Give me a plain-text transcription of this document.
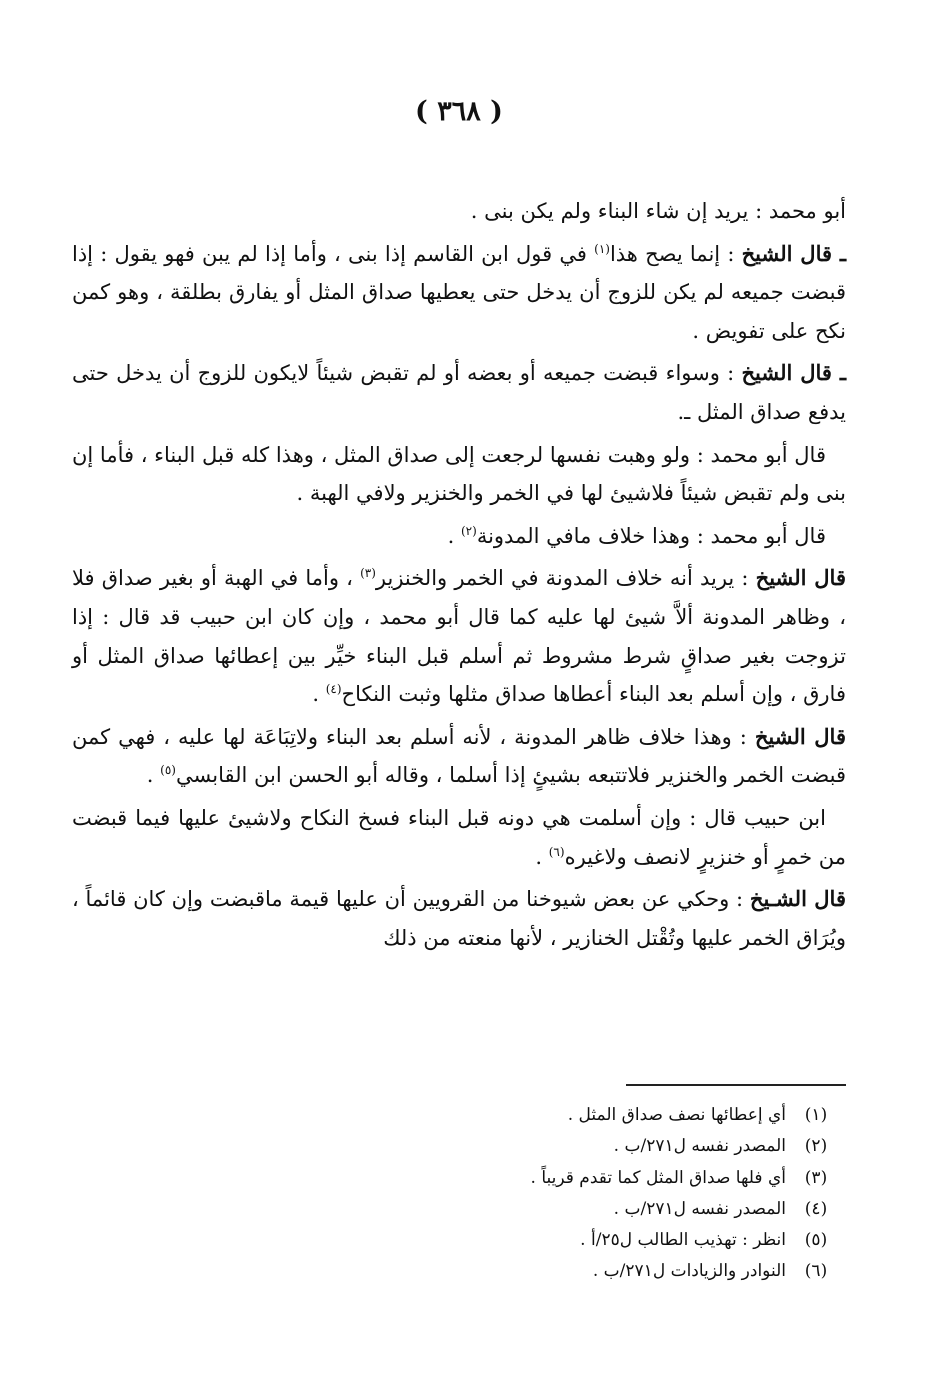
( ٣٦٨ )

أبو محمد : يريد إن شاء البناء ولم يكن بنى .

ـ قال الشيخ : إنما يصح هذا$^{(١)}$ في قول ابن القاسم إذا بنى ، وأما إذا لم يبن فهو يقول : إذا قبضت جميعه لم يكن للزوج أن يدخل حتى يعطيها صداق المثل أو يفارق بطلقة ، وهو كمن نكح على تفويض .

ـ قال الشيخ : وسواء قبضت جميعه أو بعضه أو لم تقبض شيئاً لايكون للزوج أن يدخل حتى يدفع صداق المثل ـ.

قال أبو محمد : ولو وهبت نفسها لرجعت إلى صداق المثل ، وهذا كله قبل البناء ، فأما إن بنى ولم تقبض شيئاً فلاشيئ لها في الخمر والخنزير ولافي الهبة .

قال أبو محمد : وهذا خلاف مافي المدونة$^{(٢)}$ .

قال الشيخ : يريد أنه خلاف المدونة في الخمر والخنزير$^{(٣)}$ ، وأما في الهبة أو بغير صداق فلا ، وظاهر المدونة ألاَّ شيئ لها عليه كما قال أبو محمد ، وإن كان ابن حبيب قد قال : إذا تزوجت بغير صداقٍ شرط مشروط ثم أسلم قبل البناء خيِّر بين إعطائها صداق المثل أو فارق ، وإن أسلم بعد البناء أعطاها صداق مثلها وثبت النكاح$^{(٤)}$ .

قال الشيخ : وهذا خلاف ظاهر المدونة ، لأنه أسلم بعد البناء ولاتِبَاعَة لها عليه ، فهي كمن قبضت الخمر والخنزير فلاتتبعه بشيئٍ إذا أسلما ، وقاله أبو الحسن ابن القابسي$^{(٥)}$ .

ابن حبيب قال : وإن أسلمت هي دونه قبل البناء فسخ النكاح ولاشيئ عليها فيما قبضت من خمرٍ أو خنزيرٍ لانصف ولاغيره$^{(٦)}$ .

قال الشـيخ : وحكي عن بعض شيوخنا من القرويين أن عليها قيمة ماقبضت وإن كان قائماً ، ويُرَاق الخمر عليها وتُقْتل الخنازير ، لأنها منعته من ذلك

(١)
أي إعطائها نصف صداق المثل .
(٢)
المصدر نفسه ل٢٧١/ب .
(٣)
أي فلها صداق المثل كما تقدم قريباً .
(٤)
المصدر نفسه ل٢٧١/ب .
(٥)
انظر : تهذيب الطالب ل٢٥/أ .
(٦)
النوادر والزيادات ل٢٧١/ب .
